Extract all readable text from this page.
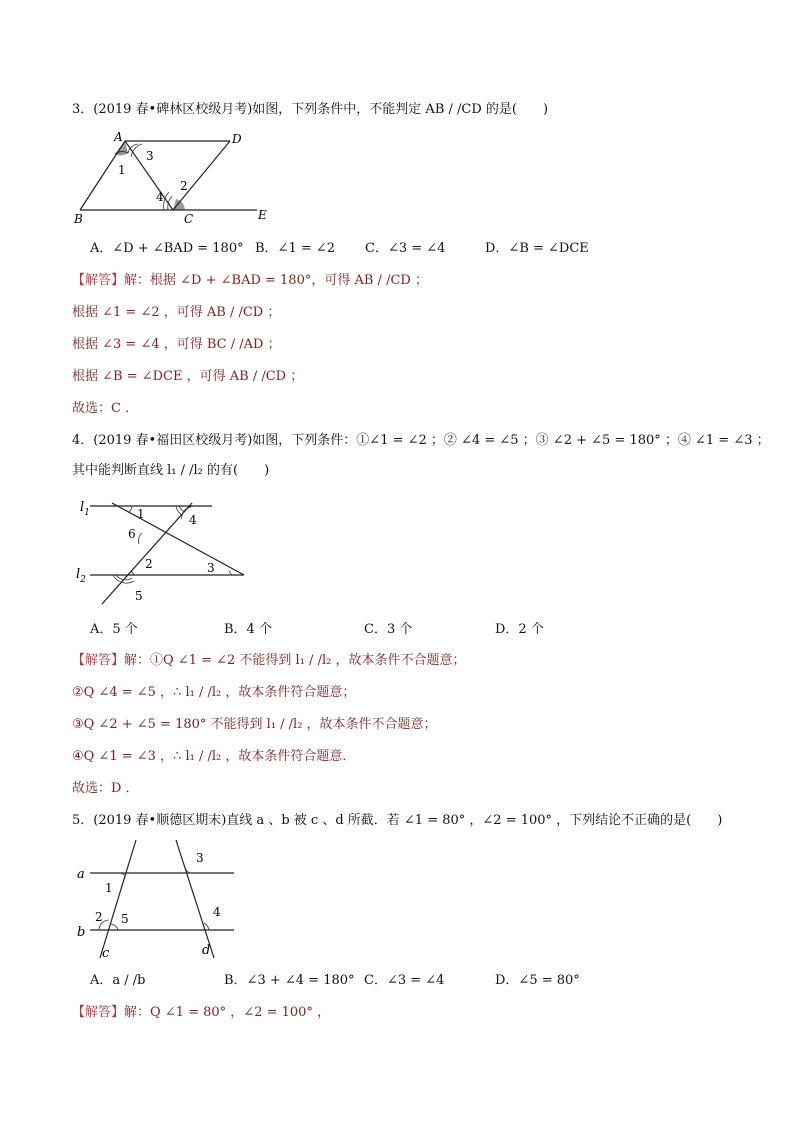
3．(2019 春•碑林区校级月考)如图，下列条件中，不能判定 AB / /CD 的是(　　)
A	D
B	C	E
1
2
3
4
A．∠D + ∠BAD = 180° B．∠1 = ∠2 C．∠3 = ∠4	D．∠B = ∠DCE
【解答】解：根据 ∠D + ∠BAD = 180°，可得 AB / /CD ；
根据 ∠1 = ∠2 ，可得 AB / /CD ；
根据 ∠3 = ∠4 ，可得 BC / /AD ；
根据 ∠B = ∠DCE ，可得 AB / /CD ；
故选：C ．
4．(2019 春•福田区校级月考)如图，下列条件：①∠1 = ∠2 ；② ∠4 = ∠5 ；③ ∠2 + ∠5 = 180° ；④ ∠1 = ∠3 ；
其中能判断直线 l₁ / /l₂ 的有(　　)
$l_1$
$l_2$
1
2	3
4
5
6
A．5 个	B．4 个	C．3 个	D．2 个
【解答】解：①Q ∠1 = ∠2 不能得到 l₁ / /l₂ ，故本条件不合题意；
②Q ∠4 = ∠5 ，∴ l₁ / /l₂ ，故本条件符合题意；
③Q ∠2 + ∠5 = 180° 不能得到 l₁ / /l₂ ，故本条件不合题意；
④Q ∠1 = ∠3 ，∴ l₁ / /l₂ ，故本条件符合题意．
故选：D ．
5．(2019 春•顺德区期末)直线 a 、b 被 c 、d 所截．若 ∠1 = 80° ，∠2 = 100° ，下列结论不正确的是(　　)
a
b
c	d
1
2
3
4
5
A．a / /b	B．∠3 + ∠4 = 180° C．∠3 = ∠4	D．∠5 = 80°
【解答】解：Q ∠1 = 80° ，∠2 = 100° ，
